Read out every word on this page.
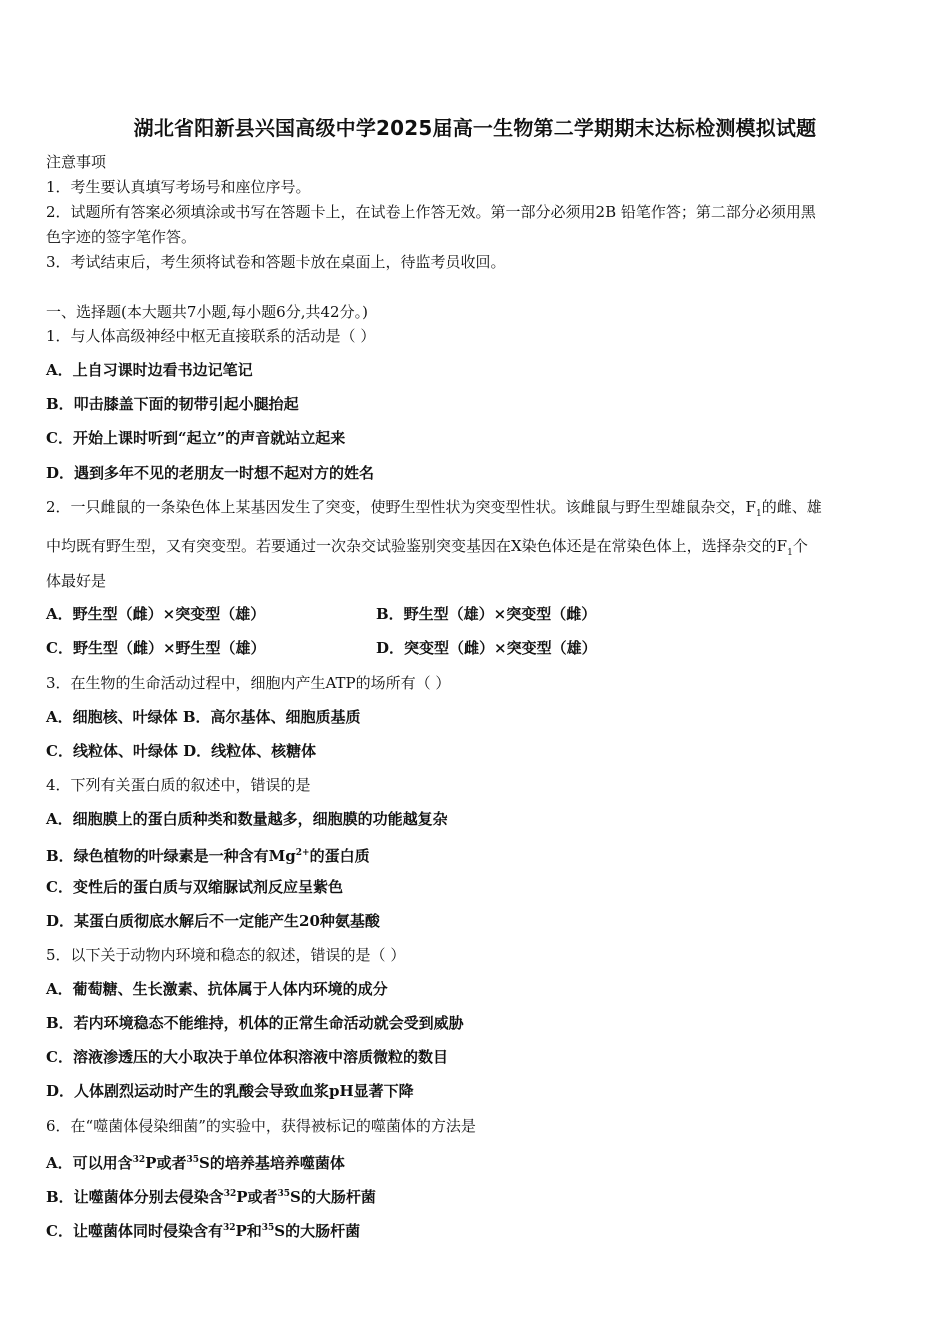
湖北省阳新县兴国高级中学2025届高一生物第二学期期末达标检测模拟试题
注意事项
1．考生要认真填写考场号和座位序号。
2．试题所有答案必须填涂或书写在答题卡上，在试卷上作答无效。第一部分必须用2B 铅笔作答；第二部分必须用黑
色字迹的签字笔作答。
3．考试结束后，考生须将试卷和答题卡放在桌面上，待监考员收回。
一、选择题(本大题共7小题,每小题6分,共42分。)
1．与人体高级神经中枢无直接联系的活动是（ ）
A．上自习课时边看书边记笔记
B．叩击膝盖下面的韧带引起小腿抬起
C．开始上课时听到“起立”的声音就站立起来
D．遇到多年不见的老朋友一时想不起对方的姓名
2．一只雌鼠的一条染色体上某基因发生了突变，使野生型性状为突变型性状。该雌鼠与野生型雄鼠杂交，$F_1$的雌、雄
中均既有野生型，又有突变型。若要通过一次杂交试验鉴别突变基因在X染色体还是在常染色体上，选择杂交的$F_1$个
体最好是
A．野生型（雌）×突变型（雄）	B．野生型（雄）×突变型（雌）
C．野生型（雌）×野生型（雄）	D．突变型（雌）×突变型（雄）
3．在生物的生命活动过程中，细胞内产生ATP的场所有（ ）
A．细胞核、叶绿体 B．高尔基体、细胞质基质
C．线粒体、叶绿体 D．线粒体、核糖体
4．下列有关蛋白质的叙述中，错误的是
A．细胞膜上的蛋白质种类和数量越多，细胞膜的功能越复杂
B．绿色植物的叶绿素是一种含有$Mg^{2+}$的蛋白质
C．变性后的蛋白质与双缩脲试剂反应呈紫色
D．某蛋白质彻底水解后不一定能产生20种氨基酸
5．以下关于动物内环境和稳态的叙述，错误的是（ ）
A．葡萄糖、生长激素、抗体属于人体内环境的成分
B．若内环境稳态不能维持，机体的正常生命活动就会受到威胁
C．溶液渗透压的大小取决于单位体积溶液中溶质微粒的数目
D．人体剧烈运动时产生的乳酸会导致血浆pH显著下降
6．在“噬菌体侵染细菌”的实验中，获得被标记的噬菌体的方法是
A．可以用含$^{32}$P或者$^{35}$S的培养基培养噬菌体
B．让噬菌体分别去侵染含$^{32}$P或者$^{35}$S的大肠杆菌
C．让噬菌体同时侵染含有$^{32}$P和$^{35}$S的大肠杆菌
